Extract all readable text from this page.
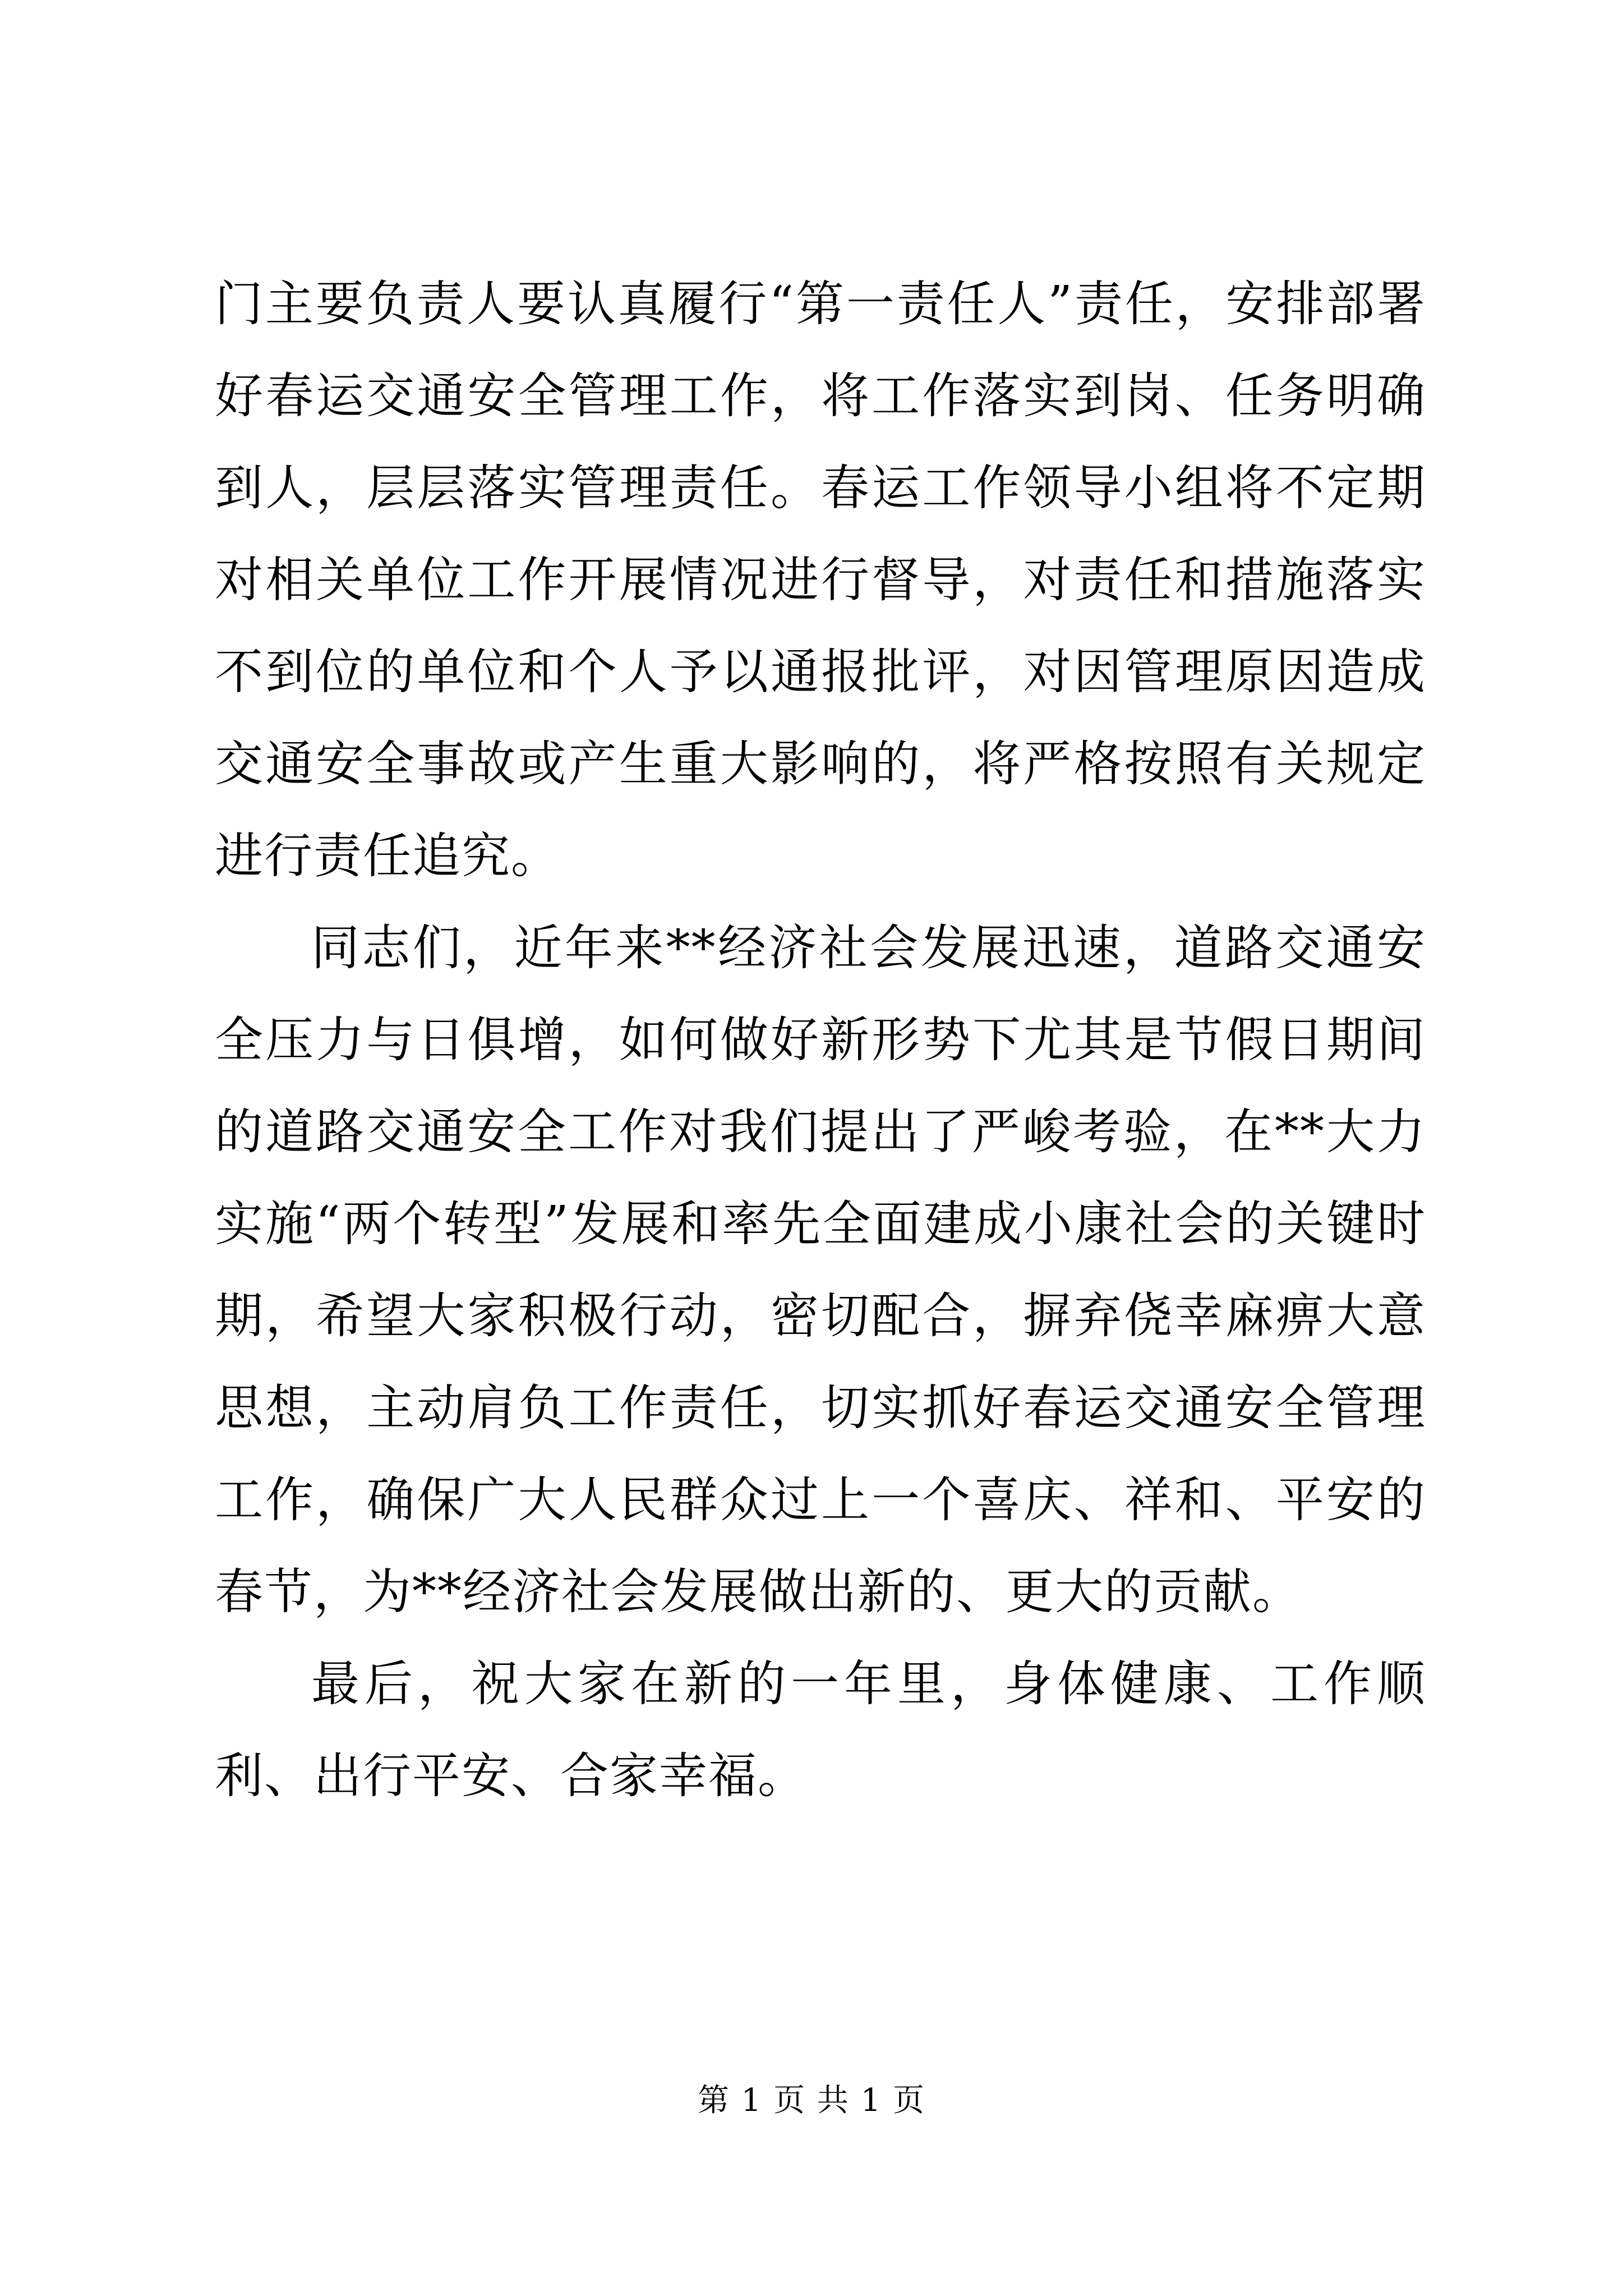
门主要负责人要认真履行“第一责任人”责任，安排部署好春运交通安全管理工作，将工作落实到岗、任务明确到人，层层落实管理责任。春运工作领导小组将不定期对相关单位工作开展情况进行督导，对责任和措施落实不到位的单位和个人予以通报批评，对因管理原因造成交通安全事故或产生重大影响的，将严格按照有关规定进行责任追究。

同志们，近年来**经济社会发展迅速，道路交通安全压力与日俱增，如何做好新形势下尤其是节假日期间的道路交通安全工作对我们提出了严峻考验，在**大力实施“两个转型”发展和率先全面建成小康社会的关键时期，希望大家积极行动，密切配合，摒弃侥幸麻痹大意思想，主动肩负工作责任，切实抓好春运交通安全管理工作，确保广大人民群众过上一个喜庆、祥和、平安的春节，为**经济社会发展做出新的、更大的贡献。

最后，祝大家在新的一年里，身体健康、工作顺利、出行平安、合家幸福。

第 1 页 共 1 页
